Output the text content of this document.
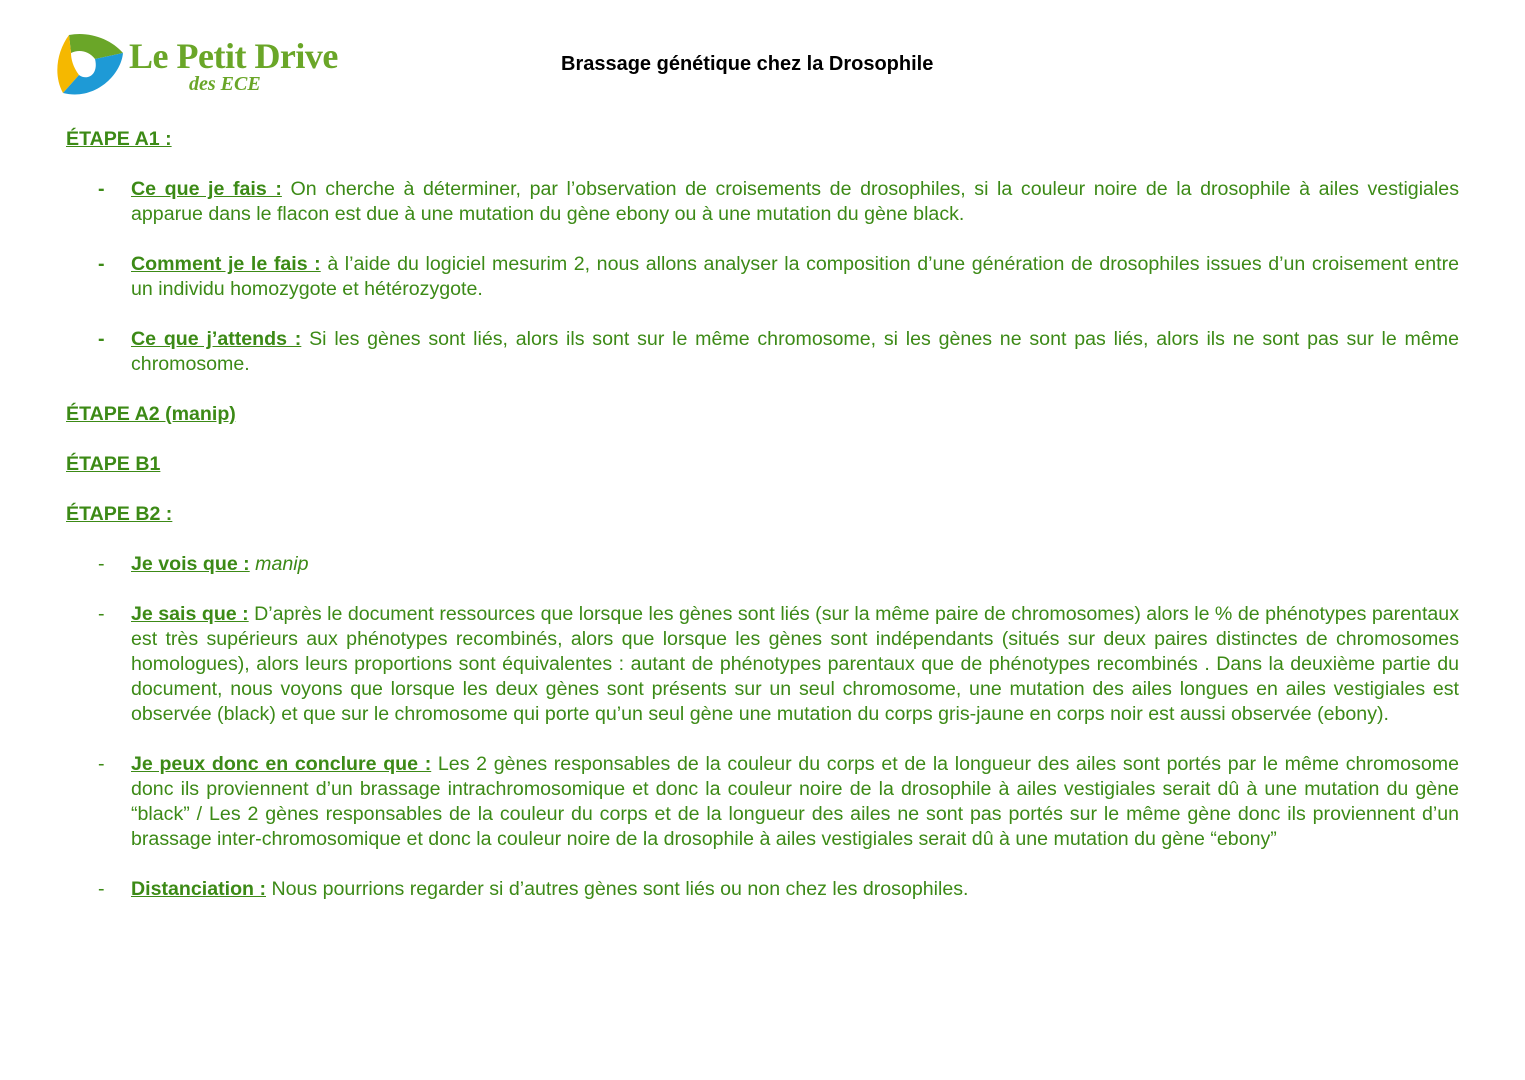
Le Petit Drive
des ECE
Brassage génétique chez la Drosophile
ÉTAPE A1 :
- Ce que je fais : On cherche à déterminer, par l’observation de croisements de drosophiles, si la couleur noire de la drosophile à ailes vestigiales apparue dans le flacon est due à une mutation du gène ebony ou à une mutation du gène black.
- Comment je le fais : à l’aide du logiciel mesurim 2, nous allons analyser la composition d’une génération de drosophiles issues d’un croisement entre un individu homozygote et hétérozygote.
- Ce que j’attends : Si les gènes sont liés, alors ils sont sur le même chromosome, si les gènes ne sont pas liés, alors ils ne sont pas sur le même chromosome.
ÉTAPE A2 (manip)
ÉTAPE B1
ÉTAPE B2 :
- Je vois que : manip
- Je sais que : D’après le document ressources que lorsque les gènes sont liés (sur la même paire de chromosomes) alors le % de phénotypes parentaux est très supérieurs aux phénotypes recombinés, alors que lorsque les gènes sont indépendants (situés sur deux paires distinctes de chromosomes homologues), alors leurs proportions sont équivalentes : autant de phénotypes parentaux que de phénotypes recombinés . Dans la deuxième partie du document, nous voyons que lorsque les deux gènes sont présents sur un seul chromosome, une mutation des ailes longues en ailes vestigiales est observée (black) et que sur le chromosome qui porte qu’un seul gène une mutation du corps gris-jaune en corps noir est aussi observée (ebony).
- Je peux donc en conclure que : Les 2 gènes responsables de la couleur du corps et de la longueur des ailes sont portés par le même chromosome donc ils proviennent d’un brassage intrachromosomique et donc la couleur noire de la drosophile à ailes vestigiales serait dû à une mutation du gène “black” / Les 2 gènes responsables de la couleur du corps et de la longueur des ailes ne sont pas portés sur le même gène donc ils proviennent d’un brassage inter-chromosomique et donc la couleur noire de la drosophile à ailes vestigiales serait dû à une mutation du gène “ebony”
- Distanciation : Nous pourrions regarder si d’autres gènes sont liés ou non chez les drosophiles.
